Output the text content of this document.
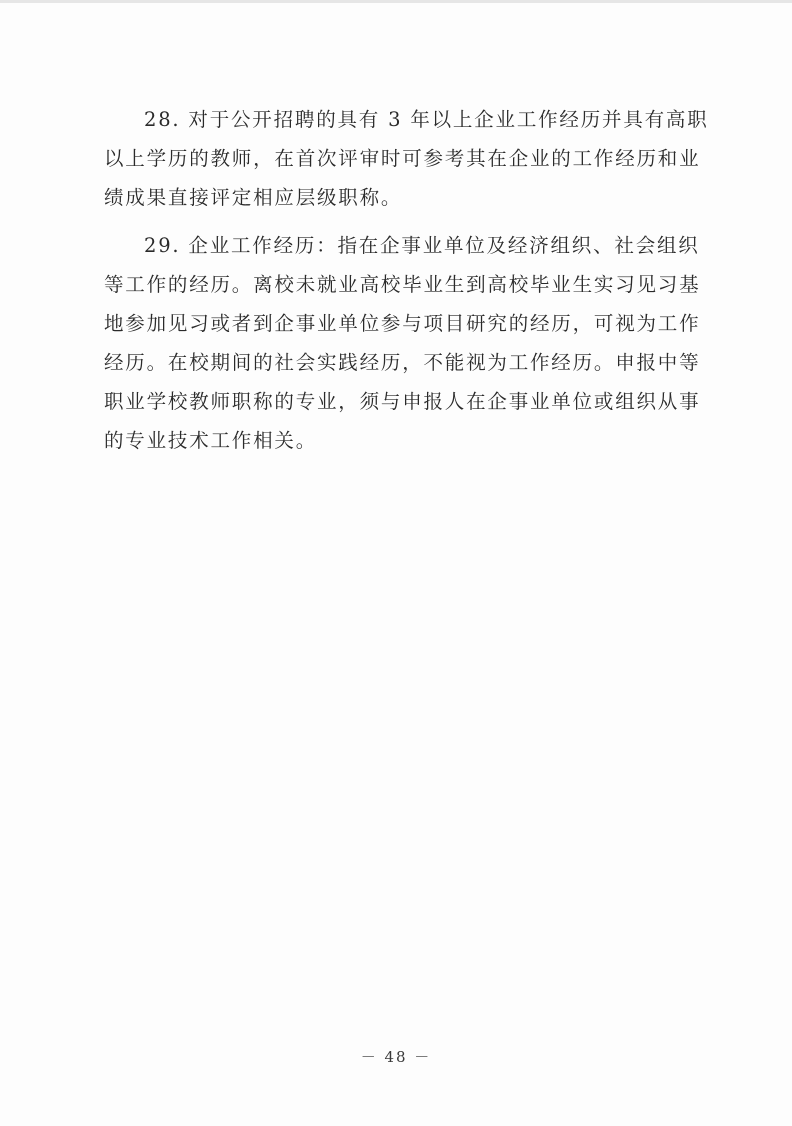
28. 对于公开招聘的具有 3 年以上企业工作经历并具有高职
以上学历的教师，在首次评审时可参考其在企业的工作经历和业
绩成果直接评定相应层级职称。
29. 企业工作经历：指在企事业单位及经济组织、社会组织
等工作的经历。离校未就业高校毕业生到高校毕业生实习见习基
地参加见习或者到企事业单位参与项目研究的经历，可视为工作
经历。在校期间的社会实践经历，不能视为工作经历。申报中等
职业学校教师职称的专业，须与申报人在企事业单位或组织从事
的专业技术工作相关。
－ 48 －
